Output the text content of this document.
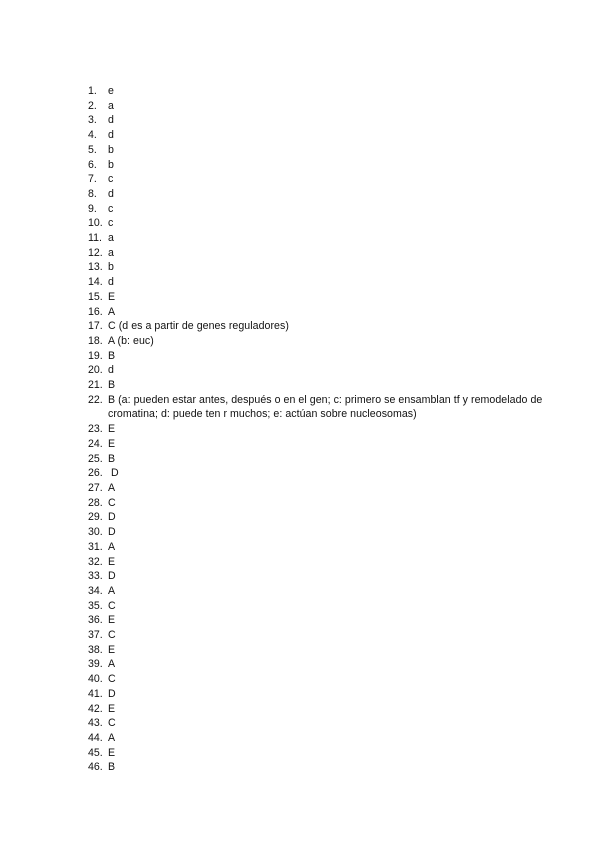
1.	e
2.	a
3.	d
4.	d
5.	b
6.	b
7.	c
8.	d
9.	c
10. c
11. a
12. a
13. b
14. d
15. E
16. A
17. C (d es a partir de genes reguladores)
18. A (b: euc)
19. B
20. d
21. B
22. B (a: pueden estar antes, después o en el gen; c: primero se ensamblan tf y remodelado de cromatina; d: puede ten r muchos; e: actúan sobre nucleosomas)
23. E
24. E
25. B
26. D
27. A
28. C
29. D
30. D
31. A
32. E
33. D
34. A
35. C
36. E
37. C
38. E
39. A
40. C
41. D
42. E
43. C
44. A
45. E
46. B
